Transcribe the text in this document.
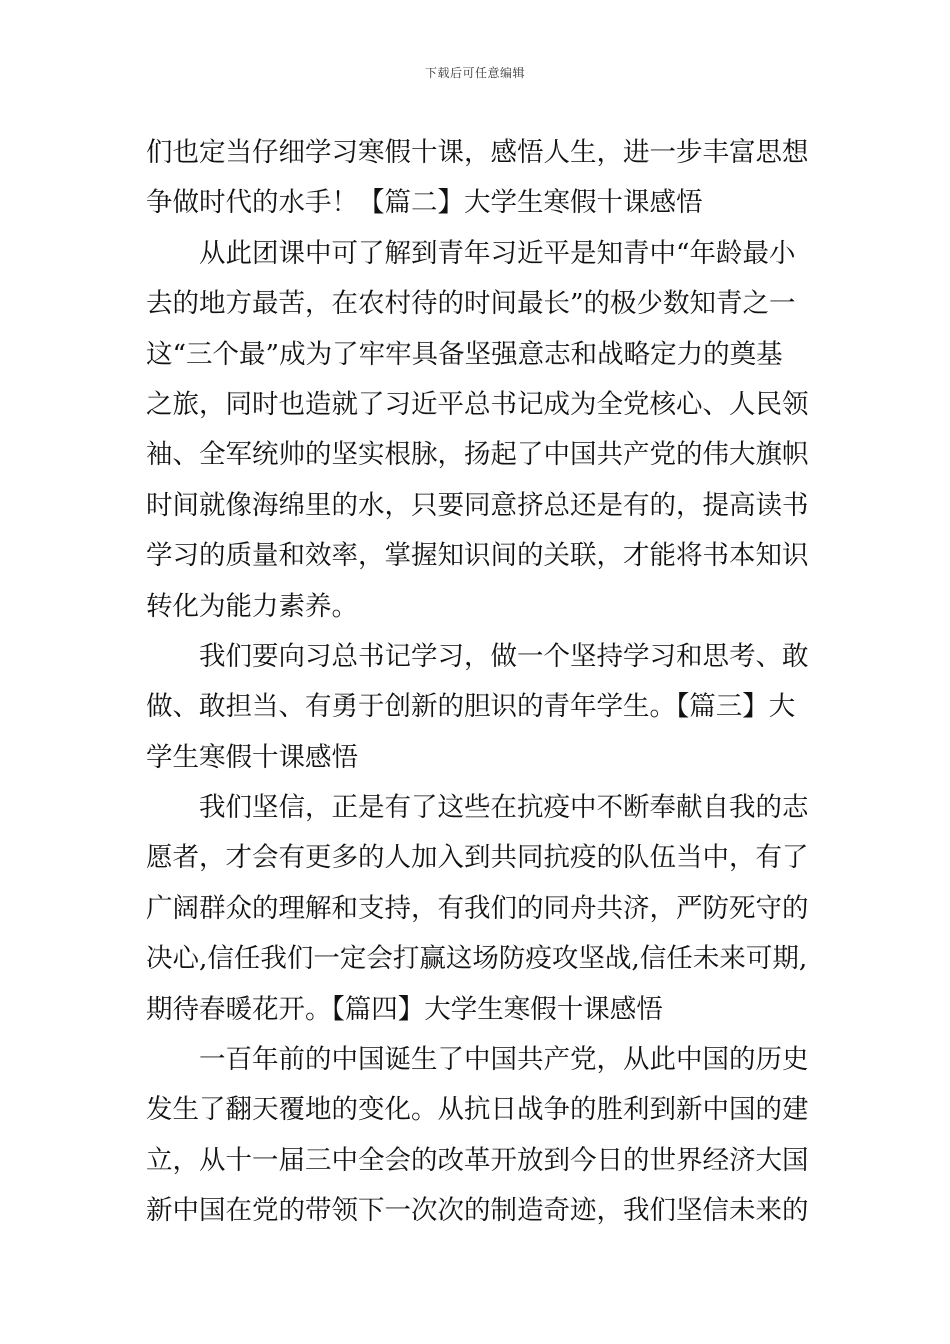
下载后可任意编辑
们也定当仔细学习寒假十课，感悟人生，进一步丰富思想
争做时代的水手！【篇二】大学生寒假十课感悟
从此团课中可了解到青年习近平是知青中“年龄最小
去的地方最苦，在农村待的时间最长”的极少数知青之一
这“三个最”成为了牢牢具备坚强意志和战略定力的奠基
之旅，同时也造就了习近平总书记成为全党核心、人民领
袖、全军统帅的坚实根脉，扬起了中国共产党的伟大旗帜
时间就像海绵里的水，只要同意挤总还是有的，提高读书
学习的质量和效率，掌握知识间的关联，才能将书本知识
转化为能力素养。
我们要向习总书记学习，做一个坚持学习和思考、敢
做、敢担当、有勇于创新的胆识的青年学生。【篇三】大
学生寒假十课感悟
我们坚信，正是有了这些在抗疫中不断奉献自我的志
愿者，才会有更多的人加入到共同抗疫的队伍当中，有了
广阔群众的理解和支持，有我们的同舟共济，严防死守的
决心,信任我们一定会打赢这场防疫攻坚战,信任未来可期,
期待春暖花开。【篇四】大学生寒假十课感悟
一百年前的中国诞生了中国共产党，从此中国的历史
发生了翻天覆地的变化。从抗日战争的胜利到新中国的建
立，从十一届三中全会的改革开放到今日的世界经济大国
新中国在党的带领下一次次的制造奇迹，我们坚信未来的
